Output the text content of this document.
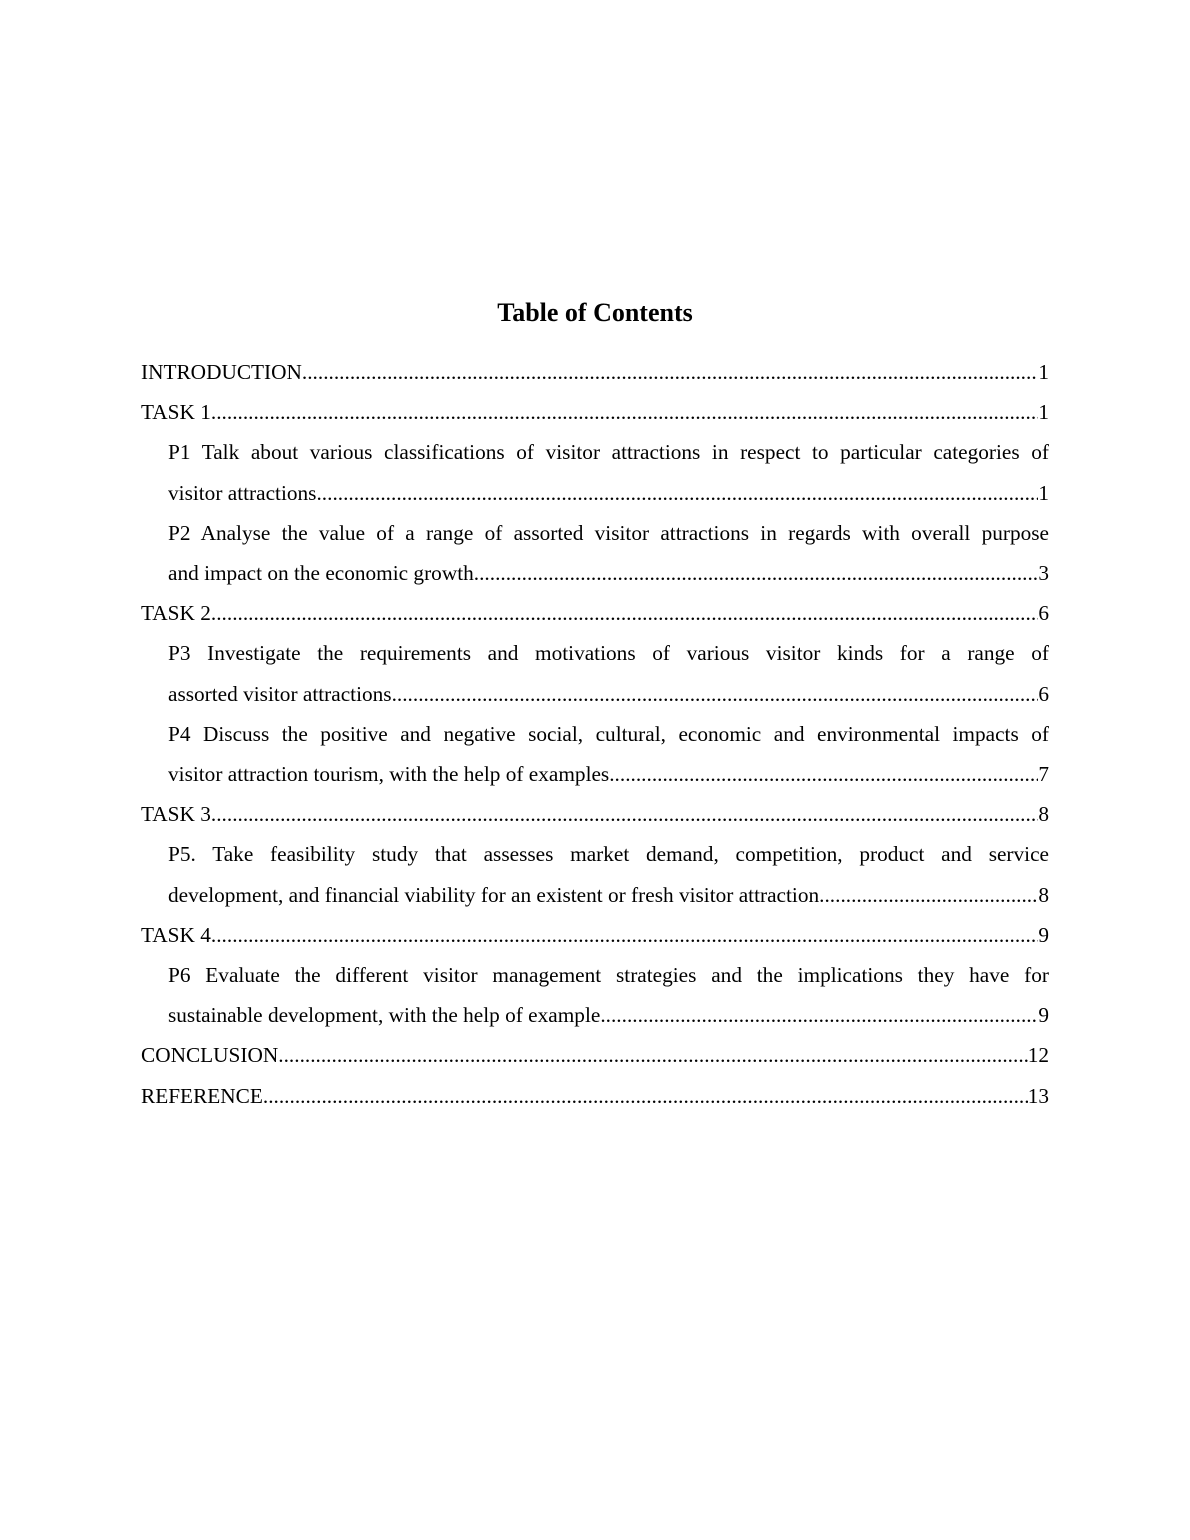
Table of Contents
INTRODUCTION .....	1
TASK 1 .....	1
P1 Talk about various classifications of visitor attractions in respect to particular categories of
visitor attractions .....	1
P2 Analyse the value of a range of assorted visitor attractions in regards with overall purpose
and impact on the economic growth .....	3
TASK 2 .....	6
P3 Investigate the requirements and motivations of various visitor kinds for a range of
assorted visitor attractions .....	6
P4 Discuss the positive and negative social, cultural, economic and environmental impacts of
visitor attraction tourism, with the help of examples .....	7
TASK 3 .....	8
P5. Take feasibility study that assesses market demand, competition, product and service
development, and financial viability for an existent or fresh visitor attraction .....	8
TASK 4 .....	9
P6 Evaluate the different visitor management strategies and the implications they have for
sustainable development, with the help of example .....	9
CONCLUSION .....	12
REFERENCE .....	13
